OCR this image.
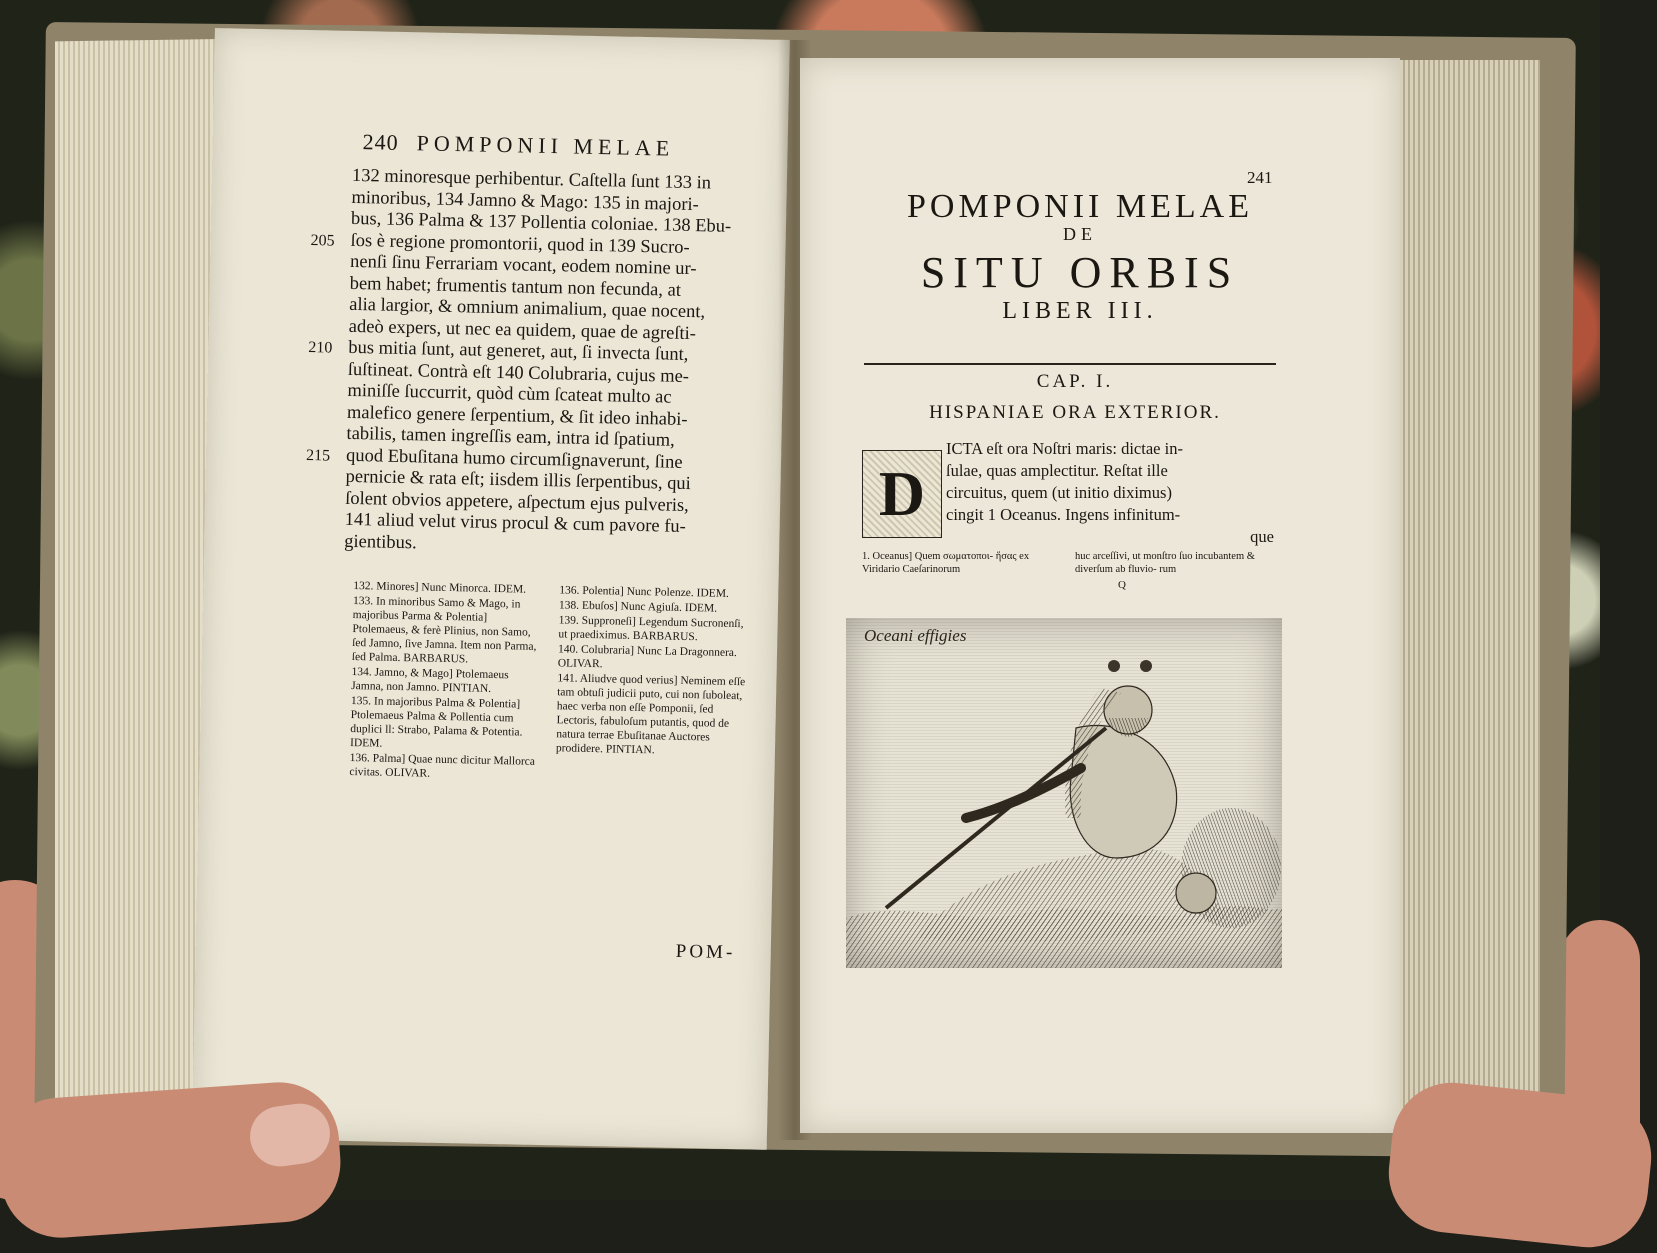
240 POMPONII MELAE
132 minoresque perhibentur. Caſtella ſunt 133 in
minoribus, 134 Jamno & Mago: 135 in majori-
bus, 136 Palma & 137 Pollentia coloniae. 138 Ebu-
205 ſos è regione promontorii, quod in 139 Sucro-
nenſi ſinu Ferrariam vocant, eodem nomine ur-
bem habet; frumentis tantum non fecunda, at
alia largior, & omnium animalium, quae nocent,
adeò expers, ut nec ea quidem, quae de agreſti-
210 bus mitia ſunt, aut generet, aut, ſi invecta ſunt,
ſuſtineat. Contrà eſt 140 Colubraria, cujus me-
miniſſe ſuccurrit, quòd cùm ſcateat multo ac
malefico genere ſerpentium, & ſit ideo inhabi-
tabilis, tamen ingreſſis eam, intra id ſpatium,
215 quod Ebuſitana humo circumſignaverunt, ſine
pernicie & rata eſt; iisdem illis ſerpentibus, qui
ſolent obvios appetere, aſpectum ejus pulveris,
141 aliud velut virus procul & cum pavore fu-
gientibus.

132. Minores] Nunc Minorca. IDEM.

133. In minoribus Samo & Mago, in majoribus Parma & Polentia] Ptolemaeus, & ferè Plinius, non Samo, ſed Jamno, ſive Jamna. Item non Parma, ſed Palma. BARBARUS.

134. Jamno, & Mago] Ptolemaeus Jamna, non Jamno. PINTIAN.

135. In majoribus Palma & Polentia] Ptolemaeus Palma & Pollentia cum duplici ll: Strabo, Palama & Potentia. IDEM.

136. Palma] Quae nunc dicitur Mallorca civitas. OLIVAR.

136. Polentia] Nunc Polenze. IDEM.

138. Ebuſos] Nunc Agiuſa. IDEM.

139. Supproneſi] Legendum Sucronenſi, ut praediximus. BARBARUS.

140. Colubraria] Nunc La Dragonnera. OLIVAR.

141. Aliudve quod verius] Neminem eſſe tam obtuſi judicii puto, cui non ſuboleat, haec verba non eſſe Pomponii, ſed Lectoris, fabuloſum putantis, quod de natura terrae Ebuſitanae Auctores prodidere. PINTIAN.

POM-
241
POMPONII MELAE
DE
SITU ORBIS
LIBER III.
CAP. I.
HISPANIAE ORA EXTERIOR.
D
ICTA eſt ora Noſtri maris: dictae in-
ſulae, quas amplectitur. Reſtat ille
circuitus, quem (ut initio diximus)
cingit 1 Oceanus. Ingens infinitum-
que
1. Oceanus] Quem σωματοποι- ἥσας ex Viridario Caeſarinorum
huc arceſſivi, ut monſtro ſuo incubantem & diverſum ab fluvio- rum
Q
Oceani effigies
